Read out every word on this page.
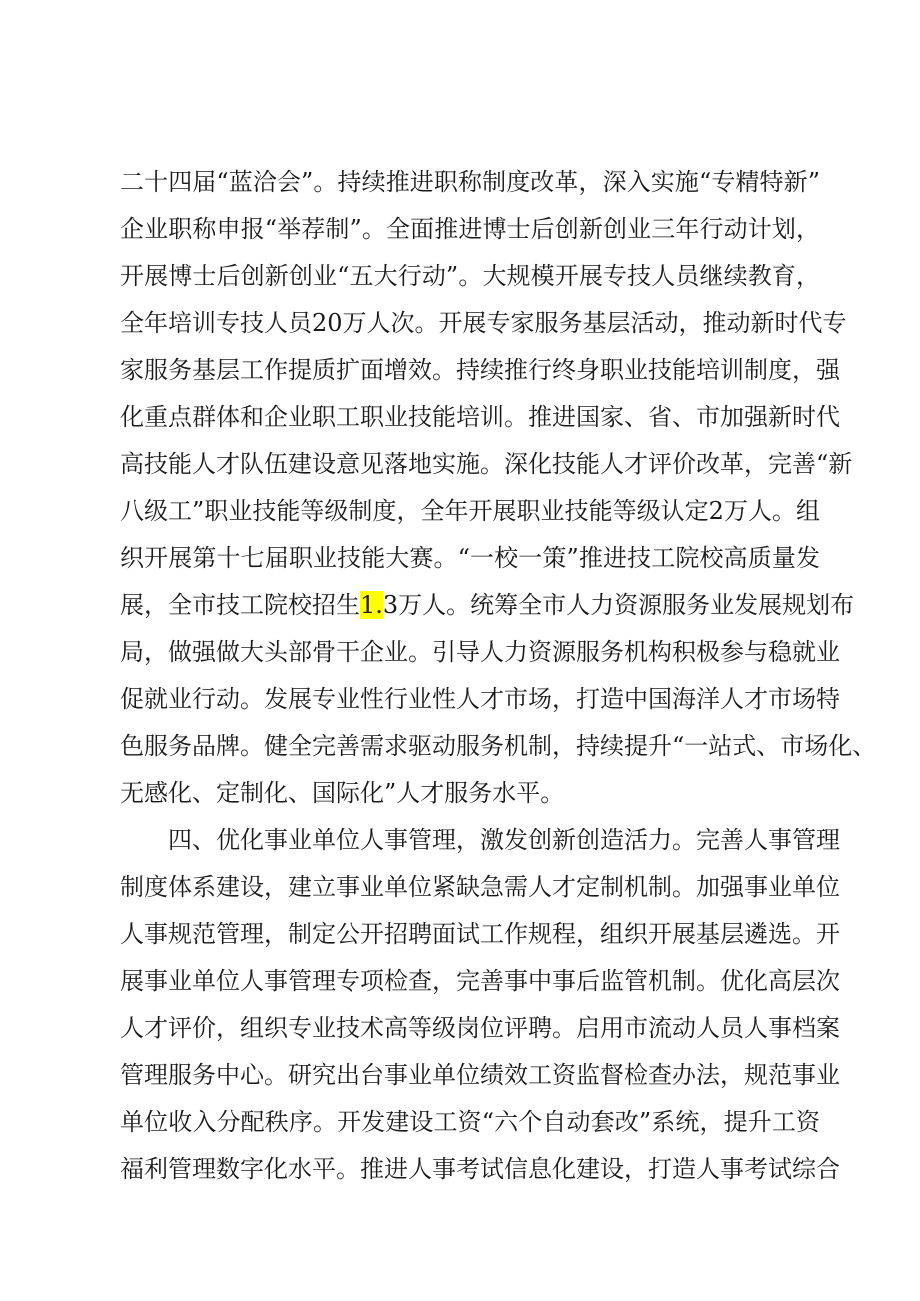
二十四届“蓝洽会”。持续推进职称制度改革，深入实施“专精特新”
企业职称申报“举荐制”。全面推进博士后创新创业三年行动计划，
开展博士后创新创业“五大行动”。大规模开展专技人员继续教育，
全年培训专技人员20万人次。开展专家服务基层活动，推动新时代专
家服务基层工作提质扩面增效。持续推行终身职业技能培训制度，强
化重点群体和企业职工职业技能培训。推进国家、省、市加强新时代
高技能人才队伍建设意见落地实施。深化技能人才评价改革，完善“新
八级工”职业技能等级制度，全年开展职业技能等级认定2万人。组
织开展第十七届职业技能大赛。“一校一策”推进技工院校高质量发
展，全市技工院校招生1.3万人。统筹全市人力资源服务业发展规划布
局，做强做大头部骨干企业。引导人力资源服务机构积极参与稳就业
促就业行动。发展专业性行业性人才市场，打造中国海洋人才市场特
色服务品牌。健全完善需求驱动服务机制，持续提升“一站式、市场化、
无感化、定制化、国际化”人才服务水平。
四、优化事业单位人事管理，激发创新创造活力。完善人事管理
制度体系建设，建立事业单位紧缺急需人才定制机制。加强事业单位
人事规范管理，制定公开招聘面试工作规程，组织开展基层遴选。开
展事业单位人事管理专项检查，完善事中事后监管机制。优化高层次
人才评价，组织专业技术高等级岗位评聘。启用市流动人员人事档案
管理服务中心。研究出台事业单位绩效工资监督检查办法，规范事业
单位收入分配秩序。开发建设工资“六个自动套改”系统，提升工资
福利管理数字化水平。推进人事考试信息化建设，打造人事考试综合
